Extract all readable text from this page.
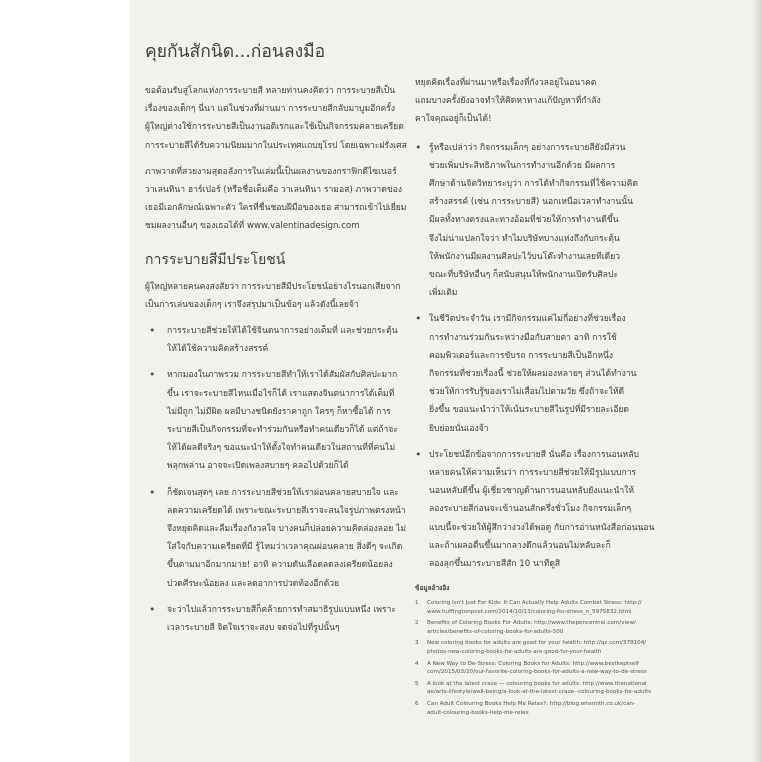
คุยกันสักนิด...ก่อนลงมือ

ขอต้อนรับสู่โลกแห่งการระบายสี หลายท่านคงคิดว่า การระบายสีเป็นเรื่องของเด็กๆ นี่นา แต่ในช่วงที่ผ่านมา การระบายสีกลับมาบูมอีกครั้ง ผู้ใหญ่ต่างใช้การระบายสีเป็นงานอดิเรกและใช้เป็นกิจกรรมคลายเครียด การระบายสีได้รับความนิยมมากในประเทศแถบยุโรป โดยเฉพาะฝรั่งเศส

ภาพวาดที่สวยงามสุดอลังการในเล่มนี้เป็นผลงานของกราฟิกดีไซเนอร์ วาเลนทินา ฮาร์เปอร์ (หรือชื่อเต็มคือ วาเลนทินา รามอส) ภาพวาดของเธอมีเอกลักษณ์เฉพาะตัว ใครที่ชื่นชอบฝีมือของเธอ สามารถเข้าไปเยี่ยมชมผลงานอื่นๆ ของเธอได้ที่ www.valentinadesign.com

การระบายสีมีประโยชน์

ผู้ใหญ่หลายคนคงสงสัยว่า การระบายสีมีประโยชน์อย่างไรนอกเสียจากเป็นการเล่นของเด็กๆ เราจึงสรุปมาเป็นข้อๆ แล้วดังนี้เลยจ้า

• การระบายสีช่วยให้ได้ใช้จินตนาการอย่างเต็มที่ และช่วยกระตุ้นให้ได้ใช้ความคิดสร้างสรรค์
• หากมองในภาพรวม การระบายสีทำให้เราได้สัมผัสกับศิลปะมากขึ้น เราจะระบายสีไหนเมื่อไรก็ได้ เราแสดงจินตนาการได้เต็มที่ ไม่มีถูก ไม่มีผิด ผลมีบางชนิดยังราคาถูก ใครๆ ก็หาซื้อได้ การระบายสีเป็นกิจกรรมที่จะทำร่วมกันหรือทำคนเดียวก็ได้ แต่ถ้าจะให้ได้ผลดีจริงๆ ขอแนะนำให้ตั้งใจทำคนเดียวในสถานที่ที่คนไม่พลุกพล่าน อาจจะเปิดเพลงสบายๆ คลอไปด้วยก็ได้
• ก็ชัดเจนสุดๆ เลย การระบายสีช่วยให้เราผ่อนคลายสบายใจ และลดความเครียดได้ เพราะขณะระบายสีเราจะสนใจรูปภาพตรงหน้า จึงหยุดคิดและลืมเรื่องกังวลใจ บางคนก็ปล่อยความคิดล่องลอย ไม่ใส่ใจกับความเครียดที่มี รู้ไหมว่าเวลาคุณผ่อนคลาย สิ่งดีๆ จะเกิดขึ้นตามมาอีกมากมาย! อาทิ ความดันเลือดลดลงเครียดน้อยลง ปวดศีรษะน้อยลง และลดอาการปวดท้องอีกด้วย
• จะว่าไปแล้วการระบายสีก็คล้ายการทำสมาธิรูปแบบหนึ่ง เพราะเวลาระบายสี จิตใจเราจะสงบ จดจ่อไปที่รูปนั้นๆ

หยุดคิดเรื่องที่ผ่านมาหรือเรื่องที่กังวลอยู่ในอนาคต
แถมบางครั้งยังอาจทำให้คิดหาทางแก้ปัญหาที่กำลัง
คาใจคุณอยู่ก็เป็นได้!

• รู้หรือเปล่าว่า กิจกรรมเล็กๆ อย่างการระบายสียังมีส่วน
ช่วยเพิ่มประสิทธิภาพในการทำงานอีกด้วย มีผลการ
ศึกษาด้านจิตวิทยาระบุว่า การได้ทำกิจกรรมที่ใช้ความคิด
สร้างสรรค์ (เช่น การระบายสี) นอกเหนือเวลาทำงานนั้น
มีผลทั้งทางตรงและทางอ้อมที่ช่วยให้การทำงานดีขึ้น
จึงไม่น่าแปลกใจว่า ทำไมบริษัทบางแห่งถึงกับกระตุ้น
ให้พนักงานมีผลงานศิลปะไว้บนโต๊ะทำงานเลยทีเดียว
ขณะที่บริษัทอื่นๆ ก็สนับสนุนให้พนักงานเปิดรับศิลปะ
เพิ่มเติม
• ในชีวิตประจำวัน เรามีกิจกรรมแค่ไม่กี่อย่างที่ช่วยเรื่อง
การทำงานร่วมกันระหว่างมือกับสายตา อาทิ การใช้
คอมพิวเตอร์และการขับรถ การระบายสีเป็นอีกหนึ่ง
กิจกรรมที่ช่วยเรื่องนี้ ช่วยให้ผลมองหลายๆ ส่วนได้ทำงาน
ช่วยให้การรับรู้ของเราไม่เสื่อมไปตามวัย ซึ่งถ้าจะให้ดี
ยิ่งขึ้น ขอแนะนำว่าให้เน้นระบายสีในรูปที่มีรายละเอียด
ยิบย่อยนั่นเองจ้า
• ประโยชน์อีกข้อจากการระบายสี นั่นคือ เรื่องการนอนหลับ
หลายคนให้ความเห็นว่า การระบายสีช่วยให้มีรูปแบบการ
นอนหลับดีขึ้น ผู้เชี่ยวชาญด้านการนอนหลับยังแนะนำให้
ลองระบายสีก่อนจะเข้านอนสักครึ่งชั่วโมง กิจกรรมเล็กๆ
แบบนี้จะช่วยให้ผู้สึกว่าง่วงได้พอดู กับการอ่านหนังสือก่อนนอน
และถ้าเผลอตื่นขึ้นมากลางดึกแล้วนอนไม่หลับละก็
ลองลุกขึ้นมาระบายสีสัก 10 นาทีดูสิ
ข้อมูลอ้างอิง
1 Coloring Isn't Just For Kids: It Can Actually Help Adults Combat Stress: http://
www.huffingtonpost.com/2014/10/13/coloring-for-stress_n_5975832.html
2 Benefits of Coloring Books For Adults: http://www.thepencentral.com/view/
articles/benefits-of-coloring-books-for-adults-500
3 New coloring books for adults are good for your health: http://qz.com/378104/
photos-new-coloring-books-for-adults-are-good-for-your-health
4 A New Way to De-Stress: Coloring Books for Adults: http://www.bestkeptself
com/2015/03/20/our-favorite-coloring-books-for-adults-a-new-way-to-de-stress
5 A look at the latest craze — colouring books for adults: http://www.thenational
ae/arts-lifestyle/well-being/a-look-at-the-latest-craze--colouring-books-for-adults
6 Can Adult Colouring Books Help Me Relax?: http://blog.whsmith.co.uk/can-
adult-colouring-books-help-me-relax
